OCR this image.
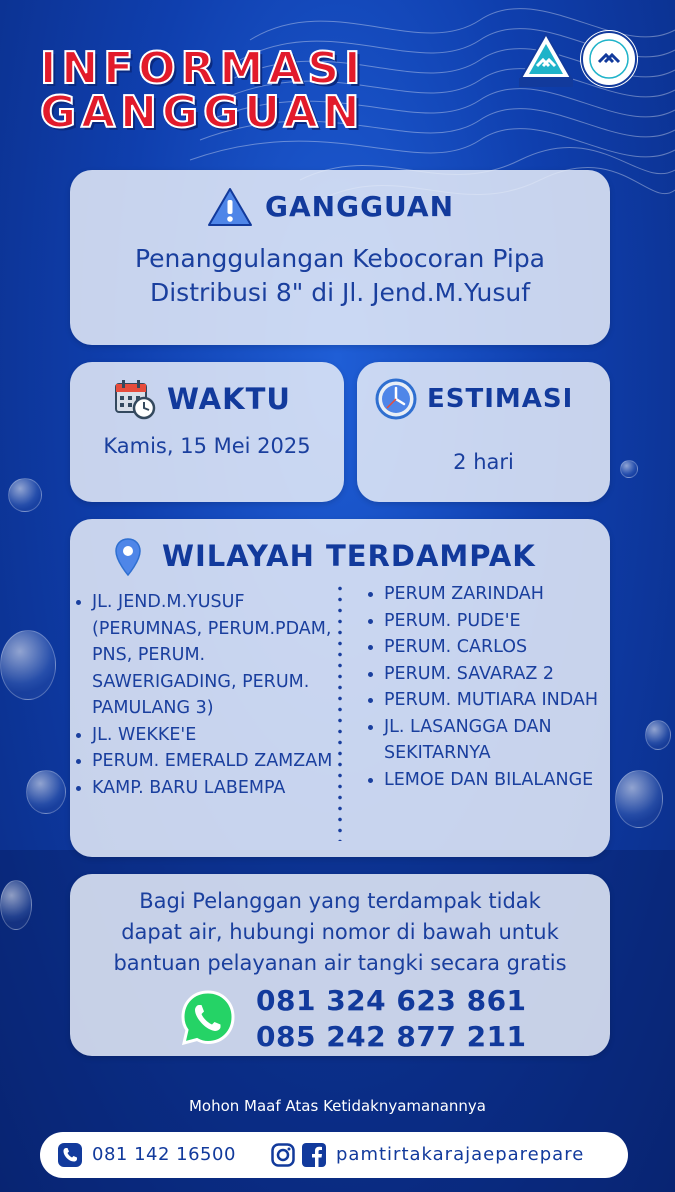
INFORMASI
GANGGUAN
GANGGUAN
Penanggulangan Kebocoran Pipa
Distribusi 8" di Jl. Jend.M.Yusuf
WAKTU
Kamis, 15 Mei 2025
ESTIMASI
2 hari
WILAYAH TERDAMPAK
JL. JEND.M.YUSUF (PERUMNAS, PERUM.PDAM, PNS, PERUM. SAWERIGADING, PERUM. PAMULANG 3)
JL. WEKKE'E
PERUM. EMERALD ZAMZAM
KAMP. BARU LABEMPA
PERUM ZARINDAH
PERUM. PUDE'E
PERUM. CARLOS
PERUM. SAVARAZ 2
PERUM. MUTIARA INDAH
JL. LASANGGA DAN SEKITARNYA
LEMOE DAN BILALANGE
Bagi Pelanggan yang terdampak tidak
dapat air, hubungi nomor di bawah untuk
bantuan pelayanan air tangki secara gratis
081 324 623 861
085 242 877 211
Mohon Maaf Atas Ketidaknyamanannya
081 142 16500	pamtirtakarajaeparepare
